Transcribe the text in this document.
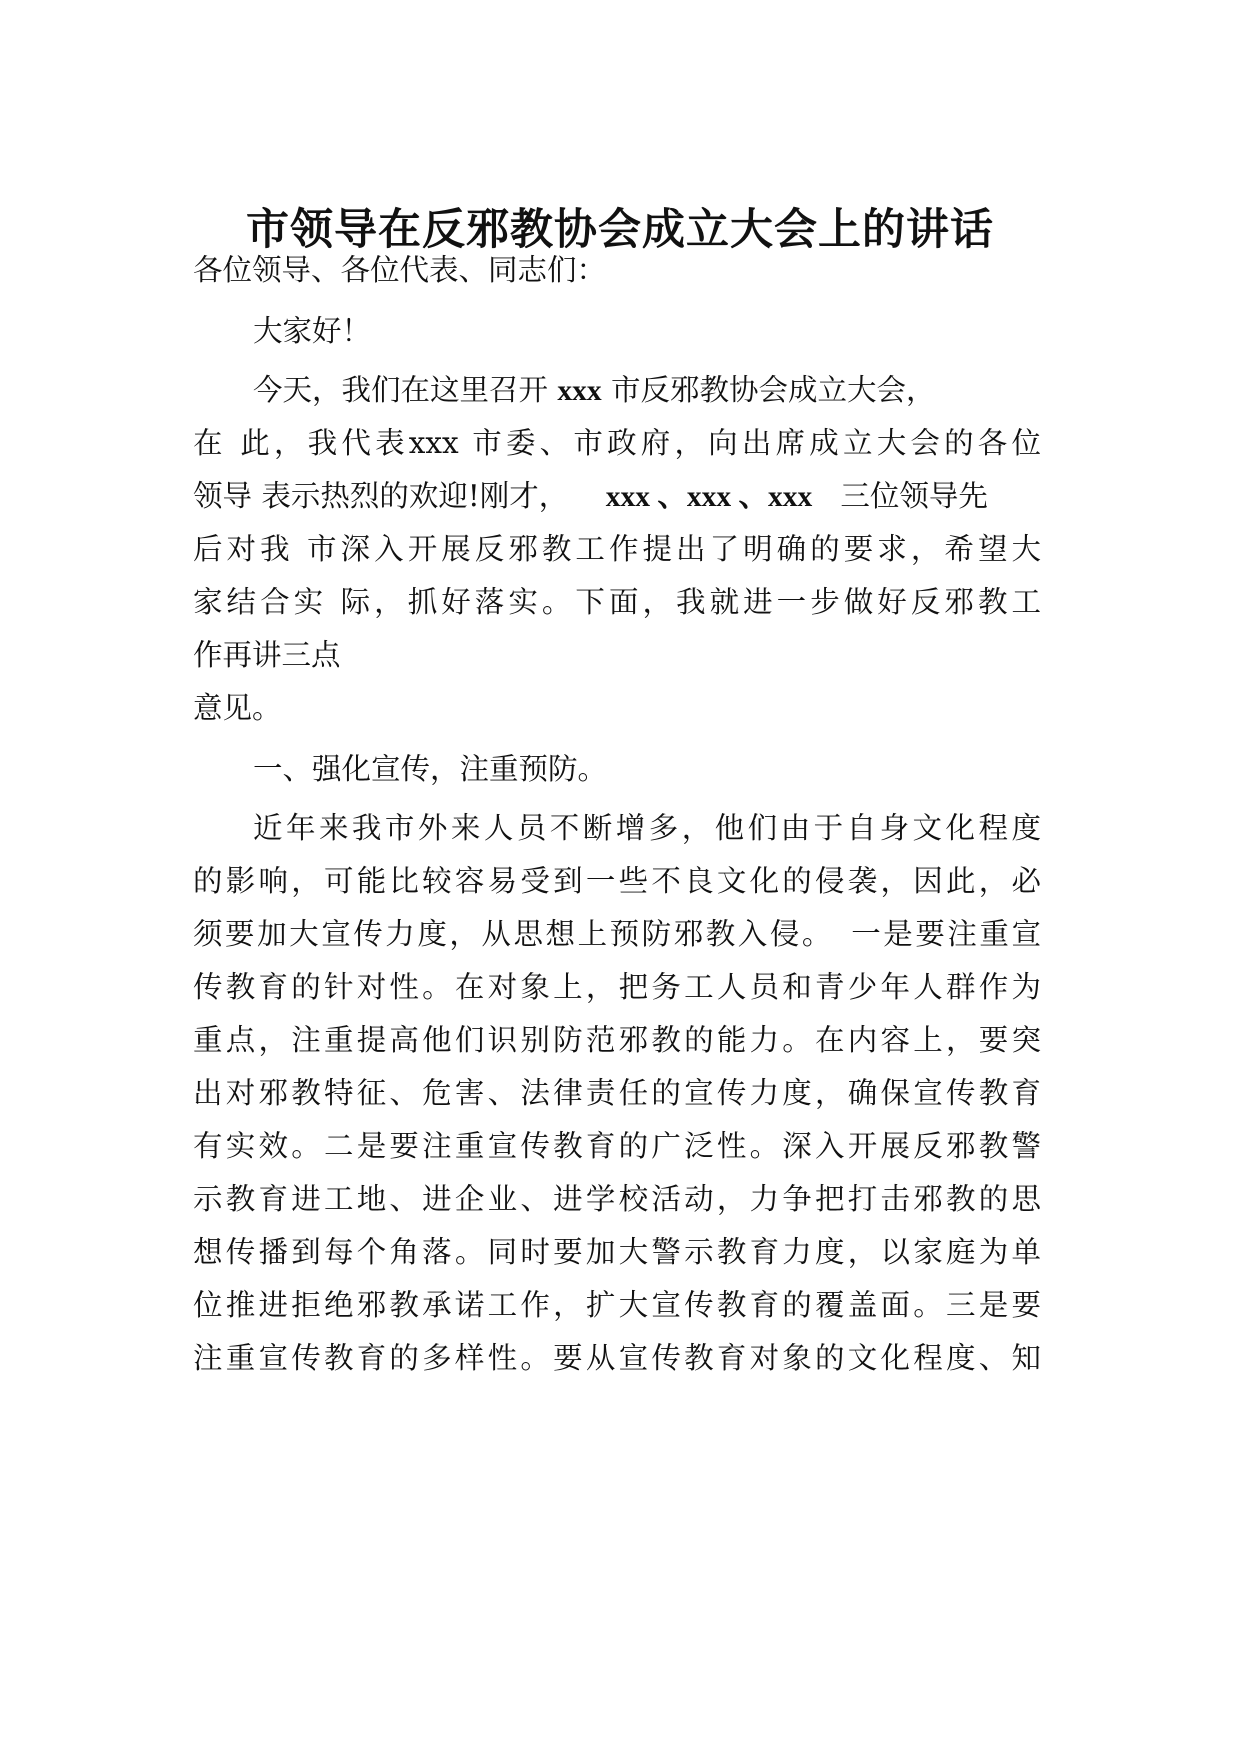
市领导在反邪教协会成立大会上的讲话
各位领导、各位代表、同志们：
大家好！
今天，我们在这里召开 xxx 市反邪教协会成立大会，
在 此，我代表xxx 市委、市政府，向出席成立大会的各位
领导 表示热烈的欢迎!刚才， xxx 、xxx 、xxx 三位领导先
后对我 市深入开展反邪教工作提出了明确的要求，希望大
家结合实 际，抓好落实。下面，我就进一步做好反邪教工
作再讲三点
意见。
一、强化宣传，注重预防。
近年来我市外来人员不断增多，他们由于自身文化程度
的影响，可能比较容易受到一些不良文化的侵袭，因此，必
须要加大宣传力度，从思想上预防邪教入侵。　一是要注重宣
传教育的针对性。在对象上，把务工人员和青少年人群作为
重点，注重提高他们识别防范邪教的能力。在内容上，要突
出对邪教特征、危害、法律责任的宣传力度，确保宣传教育
有实效。二是要注重宣传教育的广泛性。深入开展反邪教警
示教育进工地、进企业、进学校活动，力争把打击邪教的思
想传播到每个角落。同时要加大警示教育力度，以家庭为单
位推进拒绝邪教承诺工作，扩大宣传教育的覆盖面。三是要
注重宣传教育的多样性。要从宣传教育对象的文化程度、知
